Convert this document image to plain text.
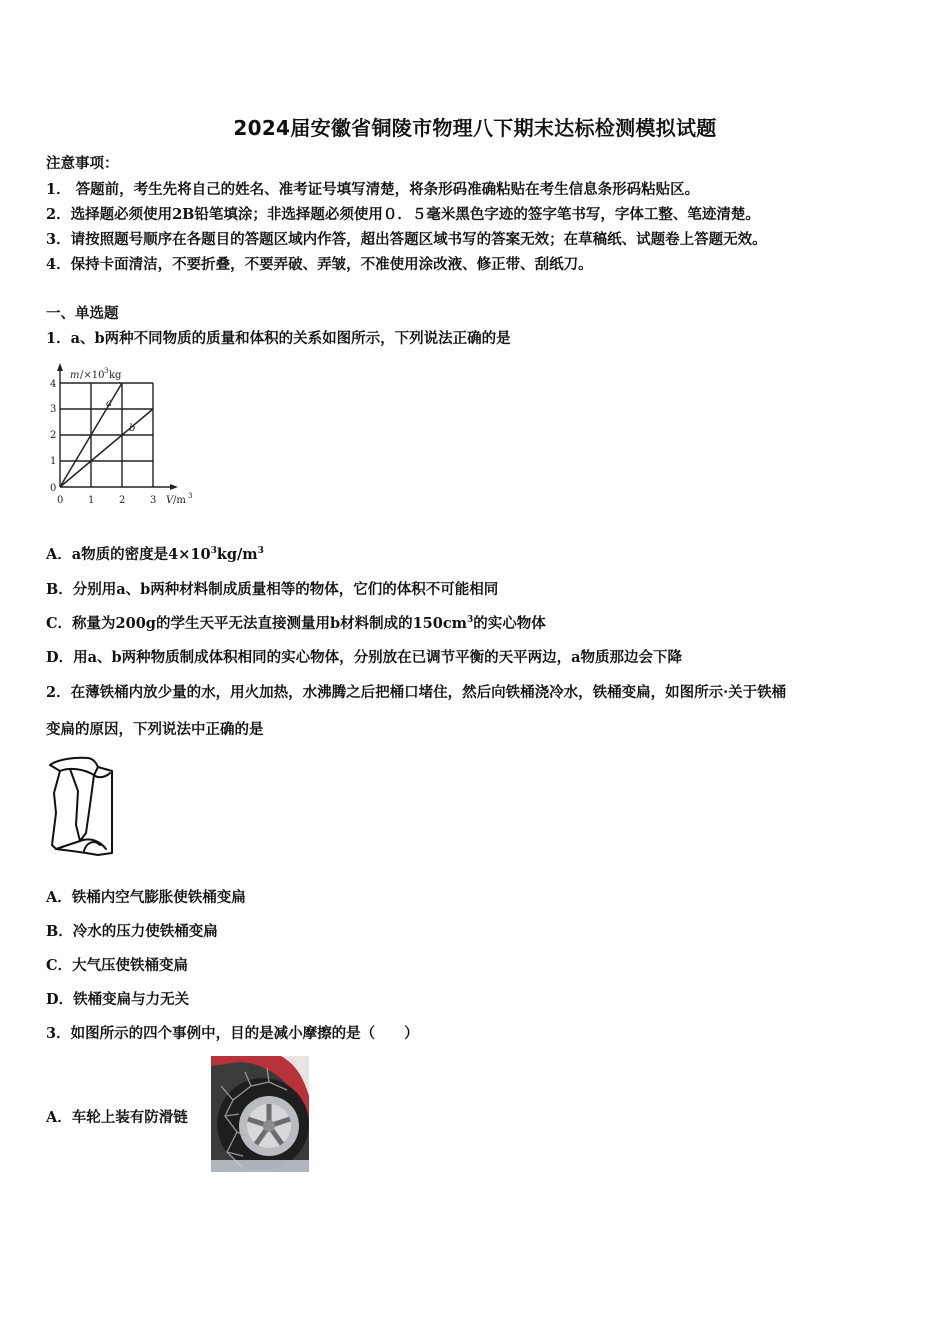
2024届安徽省铜陵市物理八下期末达标检测模拟试题
注意事项：
1． 答题前，考生先将自己的姓名、准考证号填写清楚，将条形码准确粘贴在考生信息条形码粘贴区。
2．选择题必须使用2B铅笔填涂；非选择题必须使用０．５毫米黑色字迹的签字笔书写，字体工整、笔迹清楚。
3．请按照题号顺序在各题目的答题区域内作答，超出答题区域书写的答案无效；在草稿纸、试题卷上答题无效。
4．保持卡面清洁，不要折叠，不要弄破、弄皱，不准使用涂改液、修正带、刮纸刀。
一、单选题
1．a、b两种不同物质的质量和体积的关系如图所示，下列说法正确的是
m /×10 3 kg
0
1
2
3
4
0 1 2 3 V /m 3
a
b
A．a物质的密度是$4\times 10^3kg/m^3$
B．分别用a、b两种材料制成质量相等的物体，它们的体积不可能相同
C．称量为200g的学生天平无法直接测量用b材料制成的$150cm^3$的实心物体
D．用a、b两种物质制成体积相同的实心物体，分别放在已调节平衡的天平两边，a物质那边会下降
2．在薄铁桶内放少量的水，用火加热，水沸腾之后把桶口堵住，然后向铁桶浇冷水，铁桶变扁，如图所示·关于铁桶
变扁的原因，下列说法中正确的是
A．铁桶内空气膨胀使铁桶变扁
B．冷水的压力使铁桶变扁
C．大气压使铁桶变扁
D．铁桶变扁与力无关
3．如图所示的四个事例中，目的是减小摩擦的是（　　）
A．车轮上装有防滑链
